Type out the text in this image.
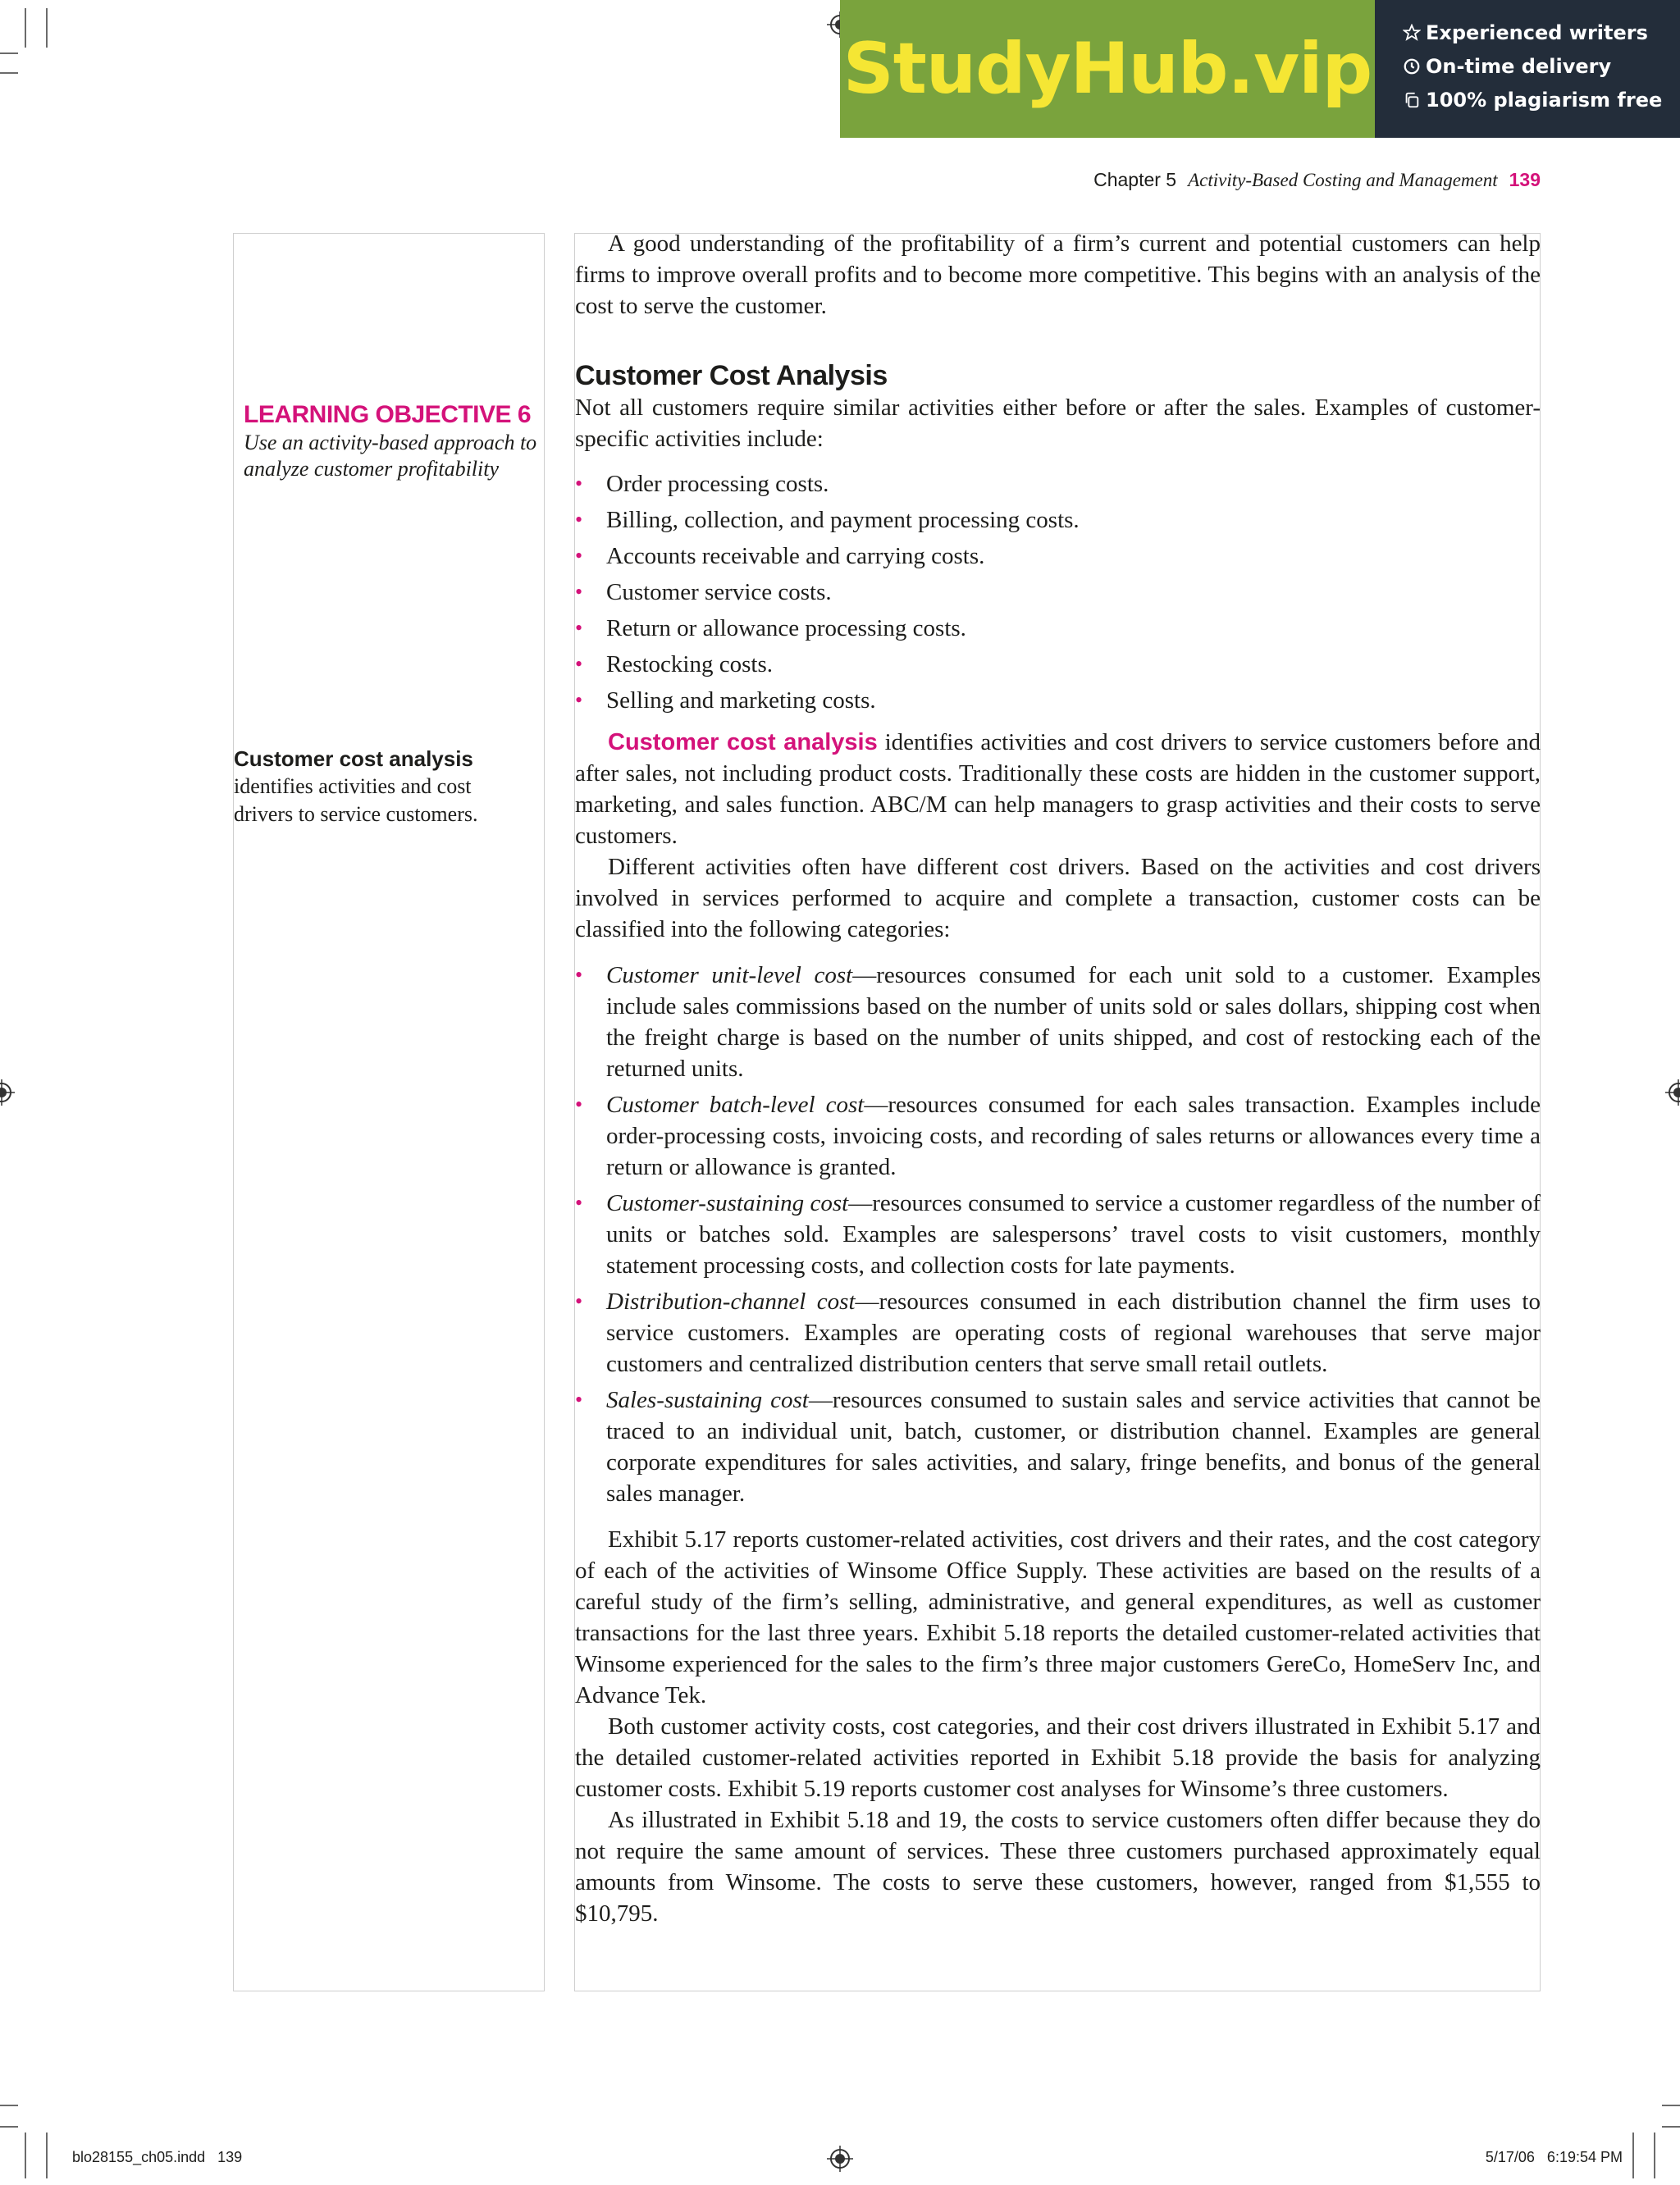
StudyHub.vip	Experienced writers
On-time delivery
100% plagiarism free
Chapter 5 Activity-Based Costing and Management 139
LEARNING OBJECTIVE 6
Use an activity-based approach to analyze customer profitability
Customer cost analysis
identifies activities and cost drivers to service customers.

A good understanding of the profitability of a firm’s current and potential customers can help firms to improve overall profits and to become more competitive. This begins with an analysis of the cost to serve the customer.

Customer Cost Analysis

Not all customers require similar activities either before or after the sales. Examples of customer-specific activities include:

• Order processing costs.
• Billing, collection, and payment processing costs.
• Accounts receivable and carrying costs.
• Customer service costs.
• Return or allowance processing costs.
• Restocking costs.
• Selling and marketing costs.

Customer cost analysis identifies activities and cost drivers to service customers before and after sales, not including product costs. Traditionally these costs are hidden in the customer support, marketing, and sales function. ABC/M can help managers to grasp activities and their costs to serve customers.

Different activities often have different cost drivers. Based on the activities and cost drivers involved in services performed to acquire and complete a transaction, customer costs can be classified into the following categories:

• Customer unit-level cost—resources consumed for each unit sold to a customer. Examples include sales commissions based on the number of units sold or sales dollars, shipping cost when the freight charge is based on the number of units shipped, and cost of restocking each of the returned units.
• Customer batch-level cost—resources consumed for each sales transaction. Examples include order-processing costs, invoicing costs, and recording of sales returns or allowances every time a return or allowance is granted.
• Customer-sustaining cost—resources consumed to service a customer regardless of the number of units or batches sold. Examples are salespersons’ travel costs to visit customers, monthly statement processing costs, and collection costs for late payments.
• Distribution-channel cost—resources consumed in each distribution channel the firm uses to service customers. Examples are operating costs of regional warehouses that serve major customers and centralized distribution centers that serve small retail outlets.
• Sales-sustaining cost—resources consumed to sustain sales and service activities that cannot be traced to an individual unit, batch, customer, or distribution channel. Examples are general corporate expenditures for sales activities, and salary, fringe benefits, and bonus of the general sales manager.

Exhibit 5.17 reports customer-related activities, cost drivers and their rates, and the cost category of each of the activities of Winsome Office Supply. These activities are based on the results of a careful study of the firm’s selling, administrative, and general expenditures, as well as customer transactions for the last three years. Exhibit 5.18 reports the detailed customer-related activities that Winsome experienced for the sales to the firm’s three major customers GereCo, HomeServ Inc, and Advance Tek.

Both customer activity costs, cost categories, and their cost drivers illustrated in Exhibit 5.17 and the detailed customer-related activities reported in Exhibit 5.18 provide the basis for analyzing customer costs. Exhibit 5.19 reports customer cost analyses for Winsome’s three customers.

As illustrated in Exhibit 5.18 and 19, the costs to service customers often differ because they do not require the same amount of services. These three customers purchased approximately equal amounts from Winsome. The costs to serve these customers, however, ranged from $1,555 to $10,795.

blo28155_ch05.indd   139	5/17/06   6:19:54 PM
